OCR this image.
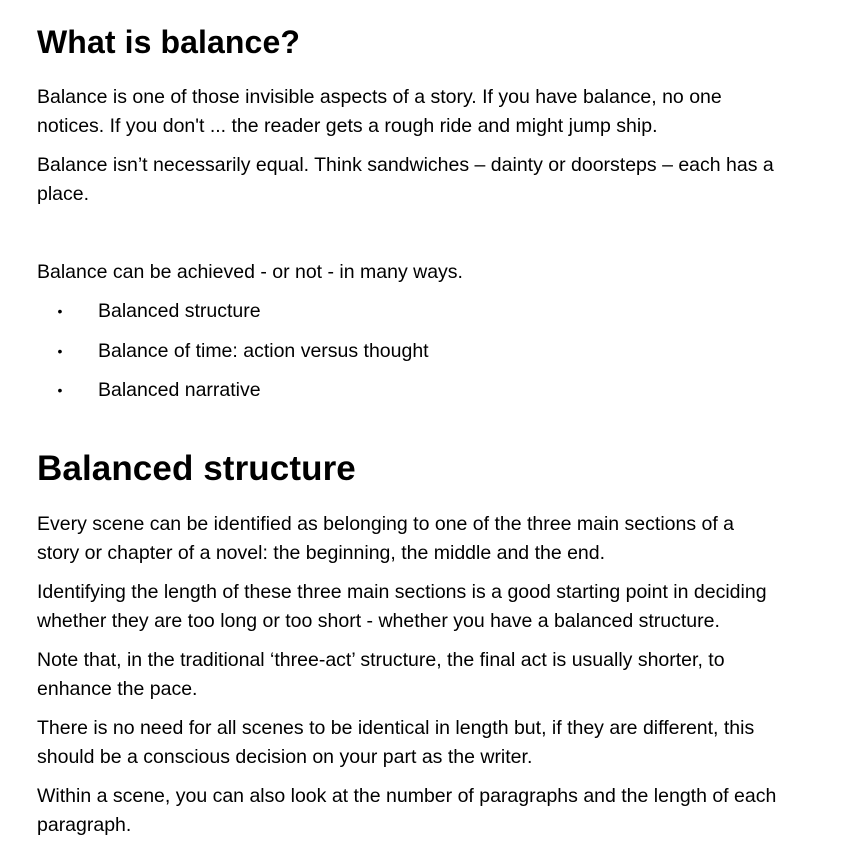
What is balance?

Balance is one of those invisible aspects of a story. If you have balance, no one notices. If you don't ... the reader gets a rough ride and might jump ship.

Balance isn’t necessarily equal. Think sandwiches – dainty or doorsteps – each has a place.

Balance can be achieved - or not - in many ways.

• Balanced structure
• Balance of time: action versus thought
• Balanced narrative
Balanced structure

Every scene can be identified as belonging to one of the three main sections of a story or chapter of a novel: the beginning, the middle and the end.

Identifying the length of these three main sections is a good starting point in deciding whether they are too long or too short - whether you have a balanced structure.

Note that, in the traditional ‘three-act’ structure, the final act is usually shorter, to enhance the pace.

There is no need for all scenes to be identical in length but, if they are different, this should be a conscious decision on your part as the writer.

Within a scene, you can also look at the number of paragraphs and the length of each paragraph.
